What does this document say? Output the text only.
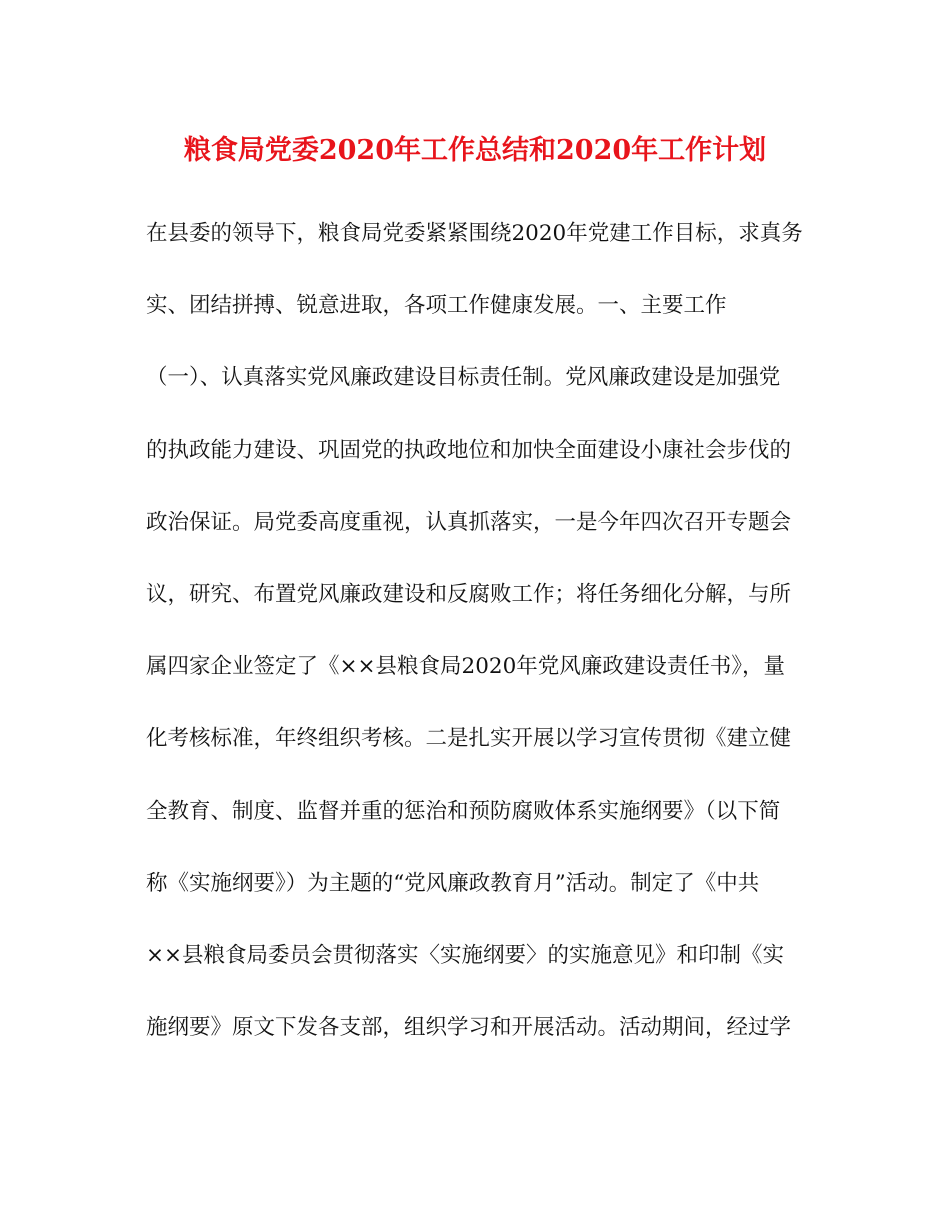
粮食局党委2020年工作总结和2020年工作计划
在县委的领导下，粮食局党委紧紧围绕2020年党建工作目标，求真务
实、团结拼搏、锐意进取，各项工作健康发展。一、主要工作
（一）、认真落实党风廉政建设目标责任制。党风廉政建设是加强党
的执政能力建设、巩固党的执政地位和加快全面建设小康社会步伐的
政治保证。局党委高度重视，认真抓落实，一是今年四次召开专题会
议，研究、布置党风廉政建设和反腐败工作；将任务细化分解，与所
属四家企业签定了《××县粮食局2020年党风廉政建设责任书》，量
化考核标准，年终组织考核。二是扎实开展以学习宣传贯彻《建立健
全教育、制度、监督并重的惩治和预防腐败体系实施纲要》（以下简
称《实施纲要》）为主题的“党风廉政教育月”活动。制定了《中共
××县粮食局委员会贯彻落实〈实施纲要〉的实施意见》和印制《实
施纲要》原文下发各支部，组织学习和开展活动。活动期间，经过学
